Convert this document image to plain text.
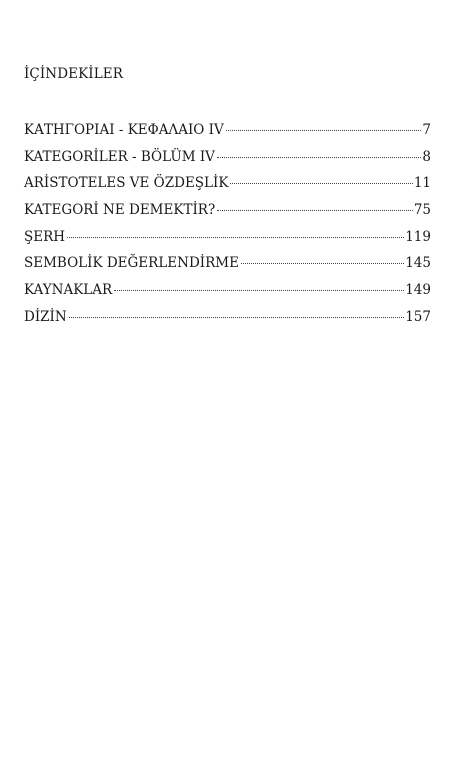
İÇİNDEKİLER
ΚΑΤΗΓΟΡΙΑΙ - ΚΕΦΑΛΑΙΟ IV	7
KATEGORİLER - BÖLÜM IV	8
ARİSTOTELES VE ÖZDEŞLİK	11
KATEGORİ NE DEMEKTİR?	75
ŞERH	119
SEMBOLİK DEĞERLENDİRME	145
KAYNAKLAR	149
DİZİN	157
